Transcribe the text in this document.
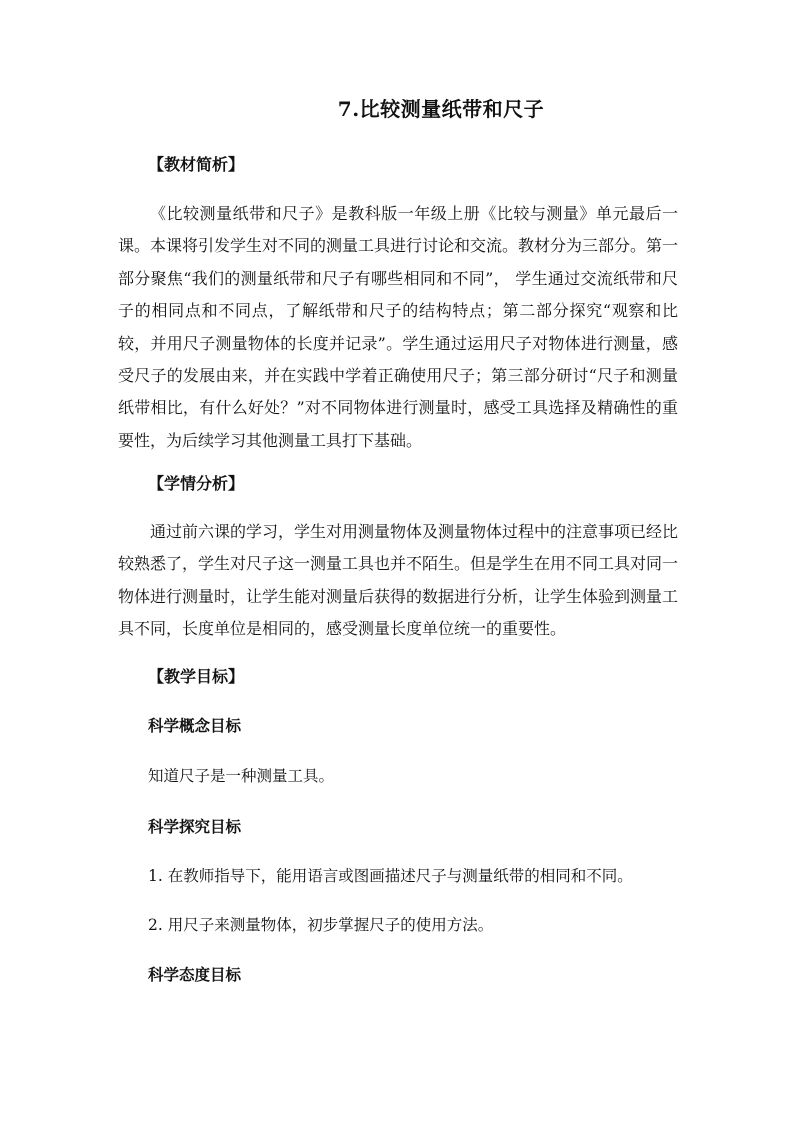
7.比较测量纸带和尺子
【教材简析】
《比较测量纸带和尺子》是教科版一年级上册《比较与测量》单元最后一课。本课将引发学生对不同的测量工具进行讨论和交流。教材分为三部分。第一部分聚焦“我们的测量纸带和尺子有哪些相同和不同”， 学生通过交流纸带和尺子的相同点和不同点，了解纸带和尺子的结构特点；第二部分探究“观察和比较，并用尺子测量物体的长度并记录”。学生通过运用尺子对物体进行测量，感受尺子的发展由来，并在实践中学着正确使用尺子；第三部分研讨“尺子和测量纸带相比，有什么好处？”对不同物体进行测量时，感受工具选择及精确性的重要性，为后续学习其他测量工具打下基础。
【学情分析】
通过前六课的学习，学生对用测量物体及测量物体过程中的注意事项已经比较熟悉了，学生对尺子这一测量工具也并不陌生。但是学生在用不同工具对同一物体进行测量时，让学生能对测量后获得的数据进行分析，让学生体验到测量工具不同，长度单位是相同的，感受测量长度单位统一的重要性。
【教学目标】
科学概念目标
知道尺子是一种测量工具。
科学探究目标
1. 在教师指导下，能用语言或图画描述尺子与测量纸带的相同和不同。
2. 用尺子来测量物体，初步掌握尺子的使用方法。
科学态度目标
